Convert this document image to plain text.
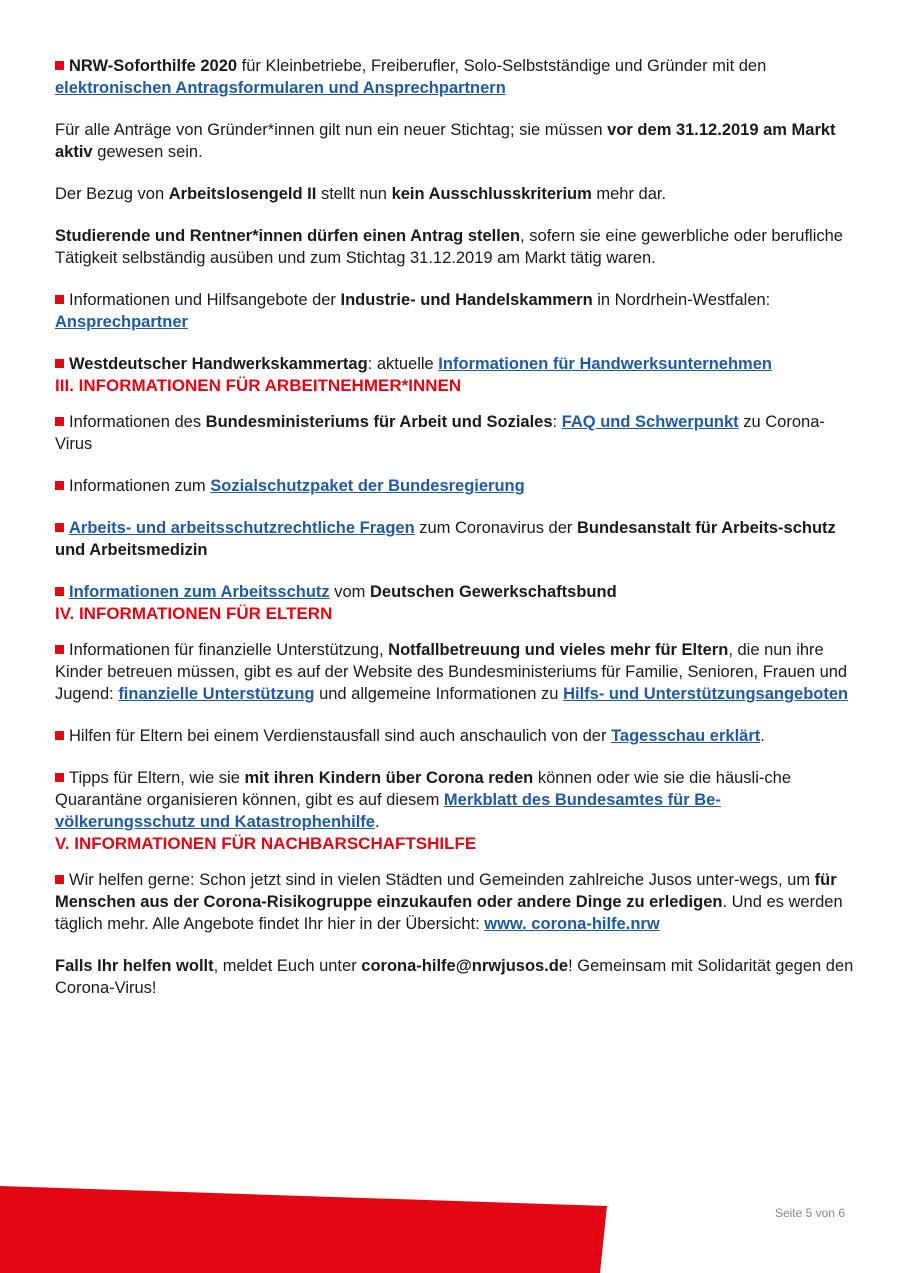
NRW-Soforthilfe 2020 für Kleinbetriebe, Freiberufler, Solo-Selbstständige und Gründer mit den elektronischen Antragsformularen und Ansprechpartnern

Für alle Anträge von Gründer*innen gilt nun ein neuer Stichtag; sie müssen vor dem 31.12.2019 am Markt aktiv gewesen sein.

Der Bezug von Arbeitslosengeld II stellt nun kein Ausschlusskriterium mehr dar.

Studierende und Rentner*innen dürfen einen Antrag stellen, sofern sie eine gewerbliche oder berufliche Tätigkeit selbständig ausüben und zum Stichtag 31.12.2019 am Markt tätig waren.

Informationen und Hilfsangebote der Industrie- und Handelskammern in Nordrhein-Westfalen: Ansprechpartner

Westdeutscher Handwerkskammertag: aktuelle Informationen für Handwerksunternehmen

III. INFORMATIONEN FÜR ARBEITNEHMER*INNEN

Informationen des Bundesministeriums für Arbeit und Soziales: FAQ und Schwerpunkt zu Corona-Virus

Informationen zum Sozialschutzpaket der Bundesregierung

Arbeits- und arbeitsschutzrechtliche Fragen zum Coronavirus der Bundesanstalt für Arbeits-schutz und Arbeitsmedizin

Informationen zum Arbeitsschutz vom Deutschen Gewerkschaftsbund

IV. INFORMATIONEN FÜR ELTERN

Informationen für finanzielle Unterstützung, Notfallbetreuung und vieles mehr für Eltern, die nun ihre Kinder betreuen müssen, gibt es auf der Website des Bundesministeriums für Familie, Senioren, Frauen und Jugend: finanzielle Unterstützung und allgemeine Informationen zu Hilfs- und Unterstützungsangeboten

Hilfen für Eltern bei einem Verdienstausfall sind auch anschaulich von der Tagesschau erklärt.

Tipps für Eltern, wie sie mit ihren Kindern über Corona reden können oder wie sie die häusli-che Quarantäne organisieren können, gibt es auf diesem Merkblatt des Bundesamtes für Be-völkerungsschutz und Katastrophenhilfe.

V. INFORMATIONEN FÜR NACHBARSCHAFTSHILFE

Wir helfen gerne: Schon jetzt sind in vielen Städten und Gemeinden zahlreiche Jusos unter-wegs, um für Menschen aus der Corona-Risikogruppe einzukaufen oder andere Dinge zu erledigen. Und es werden täglich mehr. Alle Angebote findet Ihr hier in der Übersicht: www. corona-hilfe.nrw

Falls Ihr helfen wollt, meldet Euch unter corona-hilfe@nrwjusos.de! Gemeinsam mit Solidarität gegen den Corona-Virus!

Seite 5 von 6
